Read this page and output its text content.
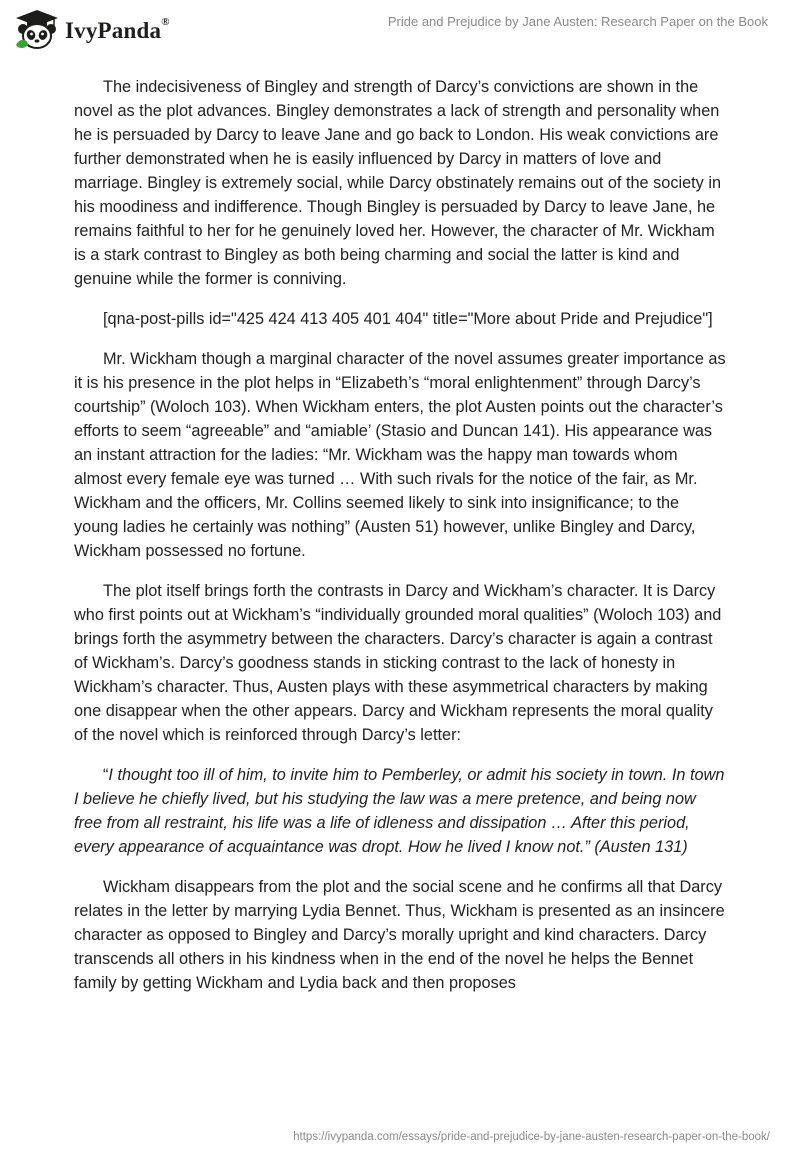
IvyPanda®	Pride and Prejudice by Jane Austen: Research Paper on the Book

The indecisiveness of Bingley and strength of Darcy’s convictions are shown in the novel as the plot advances. Bingley demonstrates a lack of strength and personality when he is persuaded by Darcy to leave Jane and go back to London. His weak convictions are further demonstrated when he is easily influenced by Darcy in matters of love and marriage. Bingley is extremely social, while Darcy obstinately remains out of the society in his moodiness and indifference. Though Bingley is persuaded by Darcy to leave Jane, he remains faithful to her for he genuinely loved her. However, the character of Mr. Wickham is a stark contrast to Bingley as both being charming and social the latter is kind and genuine while the former is conniving.

[qna-post-pills id="425 424 413 405 401 404" title="More about Pride and Prejudice"]

Mr. Wickham though a marginal character of the novel assumes greater importance as it is his presence in the plot helps in “Elizabeth’s “moral enlightenment” through Darcy’s courtship” (Woloch 103). When Wickham enters, the plot Austen points out the character’s efforts to seem “agreeable” and “amiable’ (Stasio and Duncan 141). His appearance was an instant attraction for the ladies: “Mr. Wickham was the happy man towards whom almost every female eye was turned … With such rivals for the notice of the fair, as Mr. Wickham and the officers, Mr. Collins seemed likely to sink into insignificance; to the young ladies he certainly was nothing” (Austen 51) however, unlike Bingley and Darcy, Wickham possessed no fortune.

The plot itself brings forth the contrasts in Darcy and Wickham’s character. It is Darcy who first points out at Wickham’s “individually grounded moral qualities” (Woloch 103) and brings forth the asymmetry between the characters. Darcy’s character is again a contrast of Wickham’s. Darcy’s goodness stands in sticking contrast to the lack of honesty in Wickham’s character. Thus, Austen plays with these asymmetrical characters by making one disappear when the other appears. Darcy and Wickham represents the moral quality of the novel which is reinforced through Darcy’s letter:

“I thought too ill of him, to invite him to Pemberley, or admit his society in town. In town I believe he chiefly lived, but his studying the law was a mere pretence, and being now free from all restraint, his life was a life of idleness and dissipation … After this period, every appearance of acquaintance was dropt. How he lived I know not.” (Austen 131)

Wickham disappears from the plot and the social scene and he confirms all that Darcy relates in the letter by marrying Lydia Bennet. Thus, Wickham is presented as an insincere character as opposed to Bingley and Darcy’s morally upright and kind characters. Darcy transcends all others in his kindness when in the end of the novel he helps the Bennet family by getting Wickham and Lydia back and then proposes

https://ivypanda.com/essays/pride-and-prejudice-by-jane-austen-research-paper-on-the-book/
